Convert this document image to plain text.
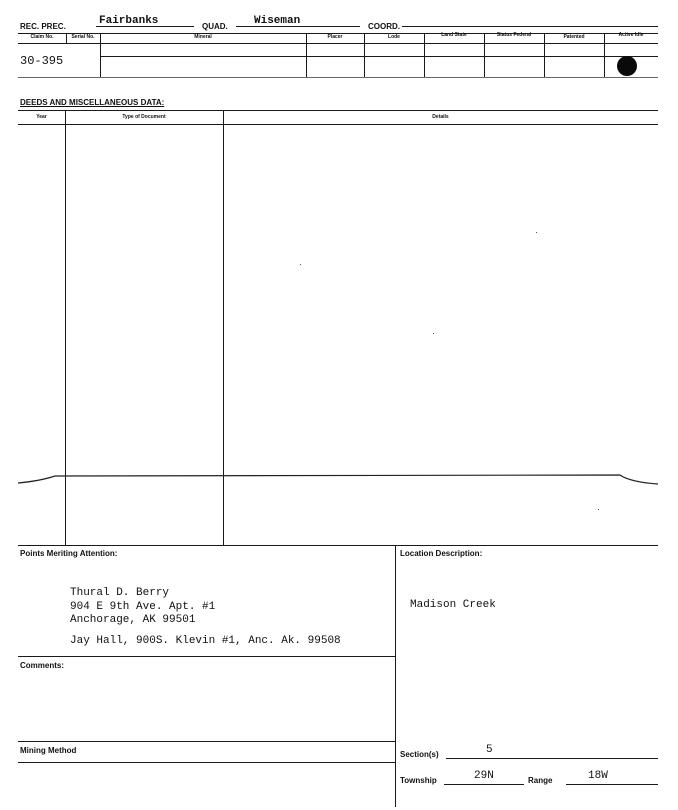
REC. PREC.	Fairbanks	QUAD. Wiseman	COORD.
Claim No.	Serial No.	Mineral	Placer	Lode	Land State	Status Federal	Patented	Active Idle
30-395
DEEDS AND MISCELLANEOUS DATA:
Year	Type of Document	Details
Points Meriting Attention:
Thural D. Berry
904 E 9th Ave. Apt. #1
Anchorage, AK 99501
Jay Hall, 900S. Klevin #1, Anc. Ak. 99508
Comments:
Mining Method
Location Description:
Madison Creek
Section(s)	5
Township	29N	Range	18W
